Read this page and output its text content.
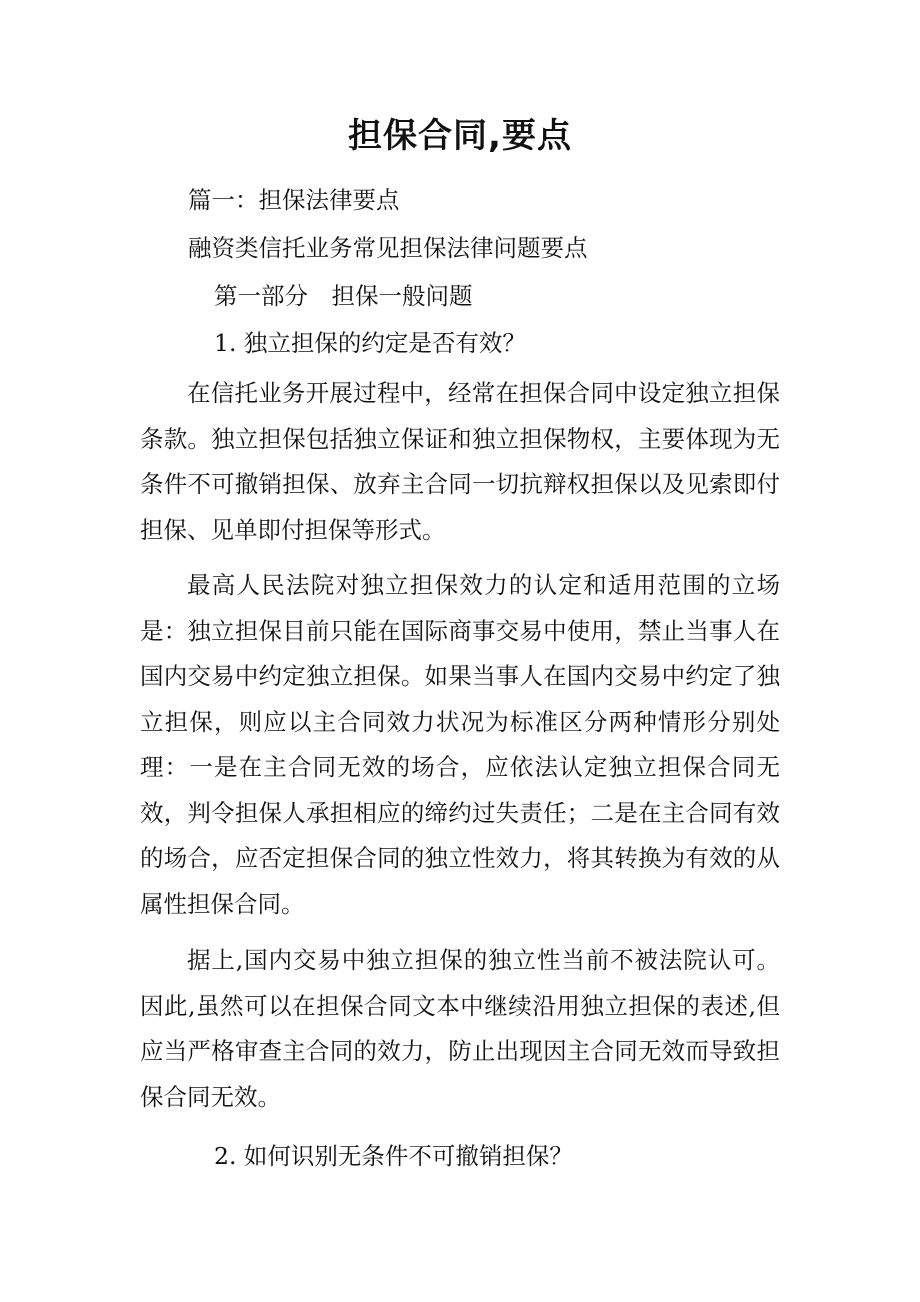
担保合同,要点
篇一：担保法律要点
融资类信托业务常见担保法律问题要点
第一部分　担保一般问题
1. 独立担保的约定是否有效？

在信托业务开展过程中，经常在担保合同中设定独立担保条款。独立担保包括独立保证和独立担保物权，主要体现为无条件不可撤销担保、放弃主合同一切抗辩权担保以及见索即付担保、见单即付担保等形式。

最高人民法院对独立担保效力的认定和适用范围的立场是：独立担保目前只能在国际商事交易中使用，禁止当事人在国内交易中约定独立担保。如果当事人在国内交易中约定了独立担保，则应以主合同效力状况为标准区分两种情形分别处理：一是在主合同无效的场合，应依法认定独立担保合同无效，判令担保人承担相应的缔约过失责任；二是在主合同有效的场合，应否定担保合同的独立性效力，将其转换为有效的从属性担保合同。

据上,国内交易中独立担保的独立性当前不被法院认可。因此,虽然可以在担保合同文本中继续沿用独立担保的表述,但应当严格审查主合同的效力，防止出现因主合同无效而导致担保合同无效。

2. 如何识别无条件不可撤销担保？
